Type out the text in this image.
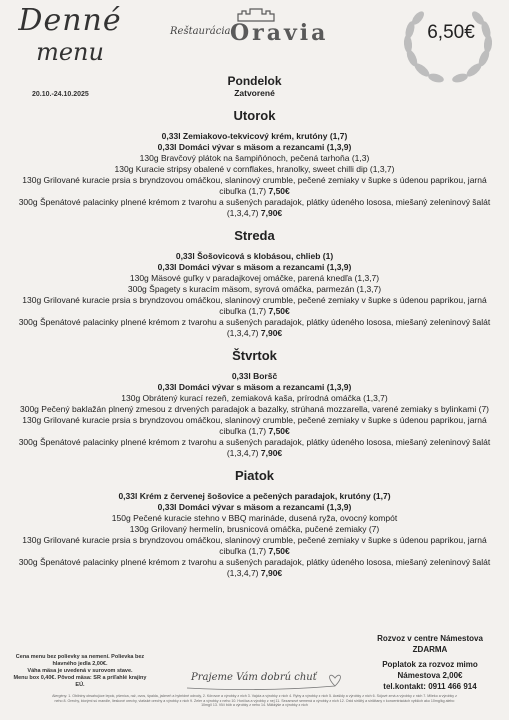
Denné
menu
Reštaurácia Oravia	6,50€
20.10.-24.10.2025
Pondelok
Zatvorené
Utorok
0,33l Zemiakovo-tekvicový krém, krutóny (1,7)
0,33l Domáci vývar s mäsom a rezancami (1,3,9)
130g Bravčový plátok na šampiňónoch, pečená tarhoňa (1,3)
130g Kuracie stripsy obalené v cornflakes, hranolky, sweet chilli dip (1,3,7)
130g Grilované kuracie prsia s bryndzovou omáčkou, slaninový crumble, pečené zemiaky v šupke s údenou paprikou, jarná cibuľka (1,7) 7,50€
300g Špenátové palacinky plnené krémom z tvarohu a sušených paradajok, plátky údeného lososa, miešaný zeleninový šalát (1,3,4,7) 7,90€
Streda
0,33l Šošovicová s klobásou, chlieb (1)
0,33l Domáci vývar s mäsom a rezancami (1,3,9)
130g Mäsové guľky v paradajkovej omáčke, parená knedľa (1,3,7)
300g Špagety s kuracím mäsom, syrová omáčka, parmezán (1,3,7)
130g Grilované kuracie prsia s bryndzovou omáčkou, slaninový crumble, pečené zemiaky v šupke s údenou paprikou, jarná cibuľka (1,7) 7,50€
300g Špenátové palacinky plnené krémom z tvarohu a sušených paradajok, plátky údeného lososa, miešaný zeleninový šalát (1,3,4,7) 7,90€
Štvrtok
0,33l Boršč
0,33l Domáci vývar s mäsom a rezancami (1,3,9)
130g Obrátený kurací rezeň, zemiaková kaša, prírodná omáčka (1,3,7)
300g Pečený baklažán plnený zmesou z drvených paradajok a bazalky, strúhaná mozzarella, varené zemiaky s bylinkami (7)
130g Grilované kuracie prsia s bryndzovou omáčkou, slaninový crumble, pečené zemiaky v šupke s údenou paprikou, jarná cibuľka (1,7) 7,50€
300g Špenátové palacinky plnené krémom z tvarohu a sušených paradajok, plátky údeného lososa, miešaný zeleninový šalát (1,3,4,7) 7,90€
Piatok
0,33l Krém z červenej šošovice a pečených paradajok, krutóny (1,7)
0,33l Domáci vývar s mäsom a rezancami (1,3,9)
150g Pečené kuracie stehno v BBQ marináde, dusená ryža, ovocný kompót
130g Grilovaný hermelín, brusnicová omáčka, pučené zemiaky (7)
130g Grilované kuracie prsia s bryndzovou omáčkou, slaninový crumble, pečené zemiaky v šupke s údenou paprikou, jarná cibuľka (1,7) 7,50€
300g Špenátové palacinky plnené krémom z tvarohu a sušených paradajok, plátky údeného lososa, miešaný zeleninový šalát (1,3,4,7) 7,90€
Cena menu bez polievky sa nemení. Polievka bez
hlavného jedla 2,00€.
Váha mäsa je uvedená v surovom stave.
Menu box 0,40€. Pôvod mäsa: SR a priľahlé krajiny EÚ.
Prajeme Vám dobrú chuť
Rozvoz v centre Námestova
ZDARMA
Poplatok za rozvoz mimo
Námestova 2,00€
tel.kontakt: 0911 466 914
Alergény: 1. Obilniny obsahujúce lepok, pšenica, raž, ovos, špalda, jačmeň a hybridné odrody, 2. Kôrovce a výrobky z nich 3. Vajcia a výrobky z nich 4. Ryby a výrobky z nich 5. Arašidy a výrobky z nich 6. Sójové zrná a výrobky z nich 7. Mlieko a výrobky z neho 8. Orechy, ktorými sú mandle, lieskové orechy, vlašské orechy a výrobky z nich 9. Zeler a výrobky z neho 10. Horčica a výrobky z nej 11. Sezamové semená a výrobky z nich 12. Oxid siričitý a siričitany v koncentráciách vyšších ako 10mg/kg alebo 10mg/l 13. Vlčí bôb a výrobky z neho 14. Mäkkýše a výrobky z nich
